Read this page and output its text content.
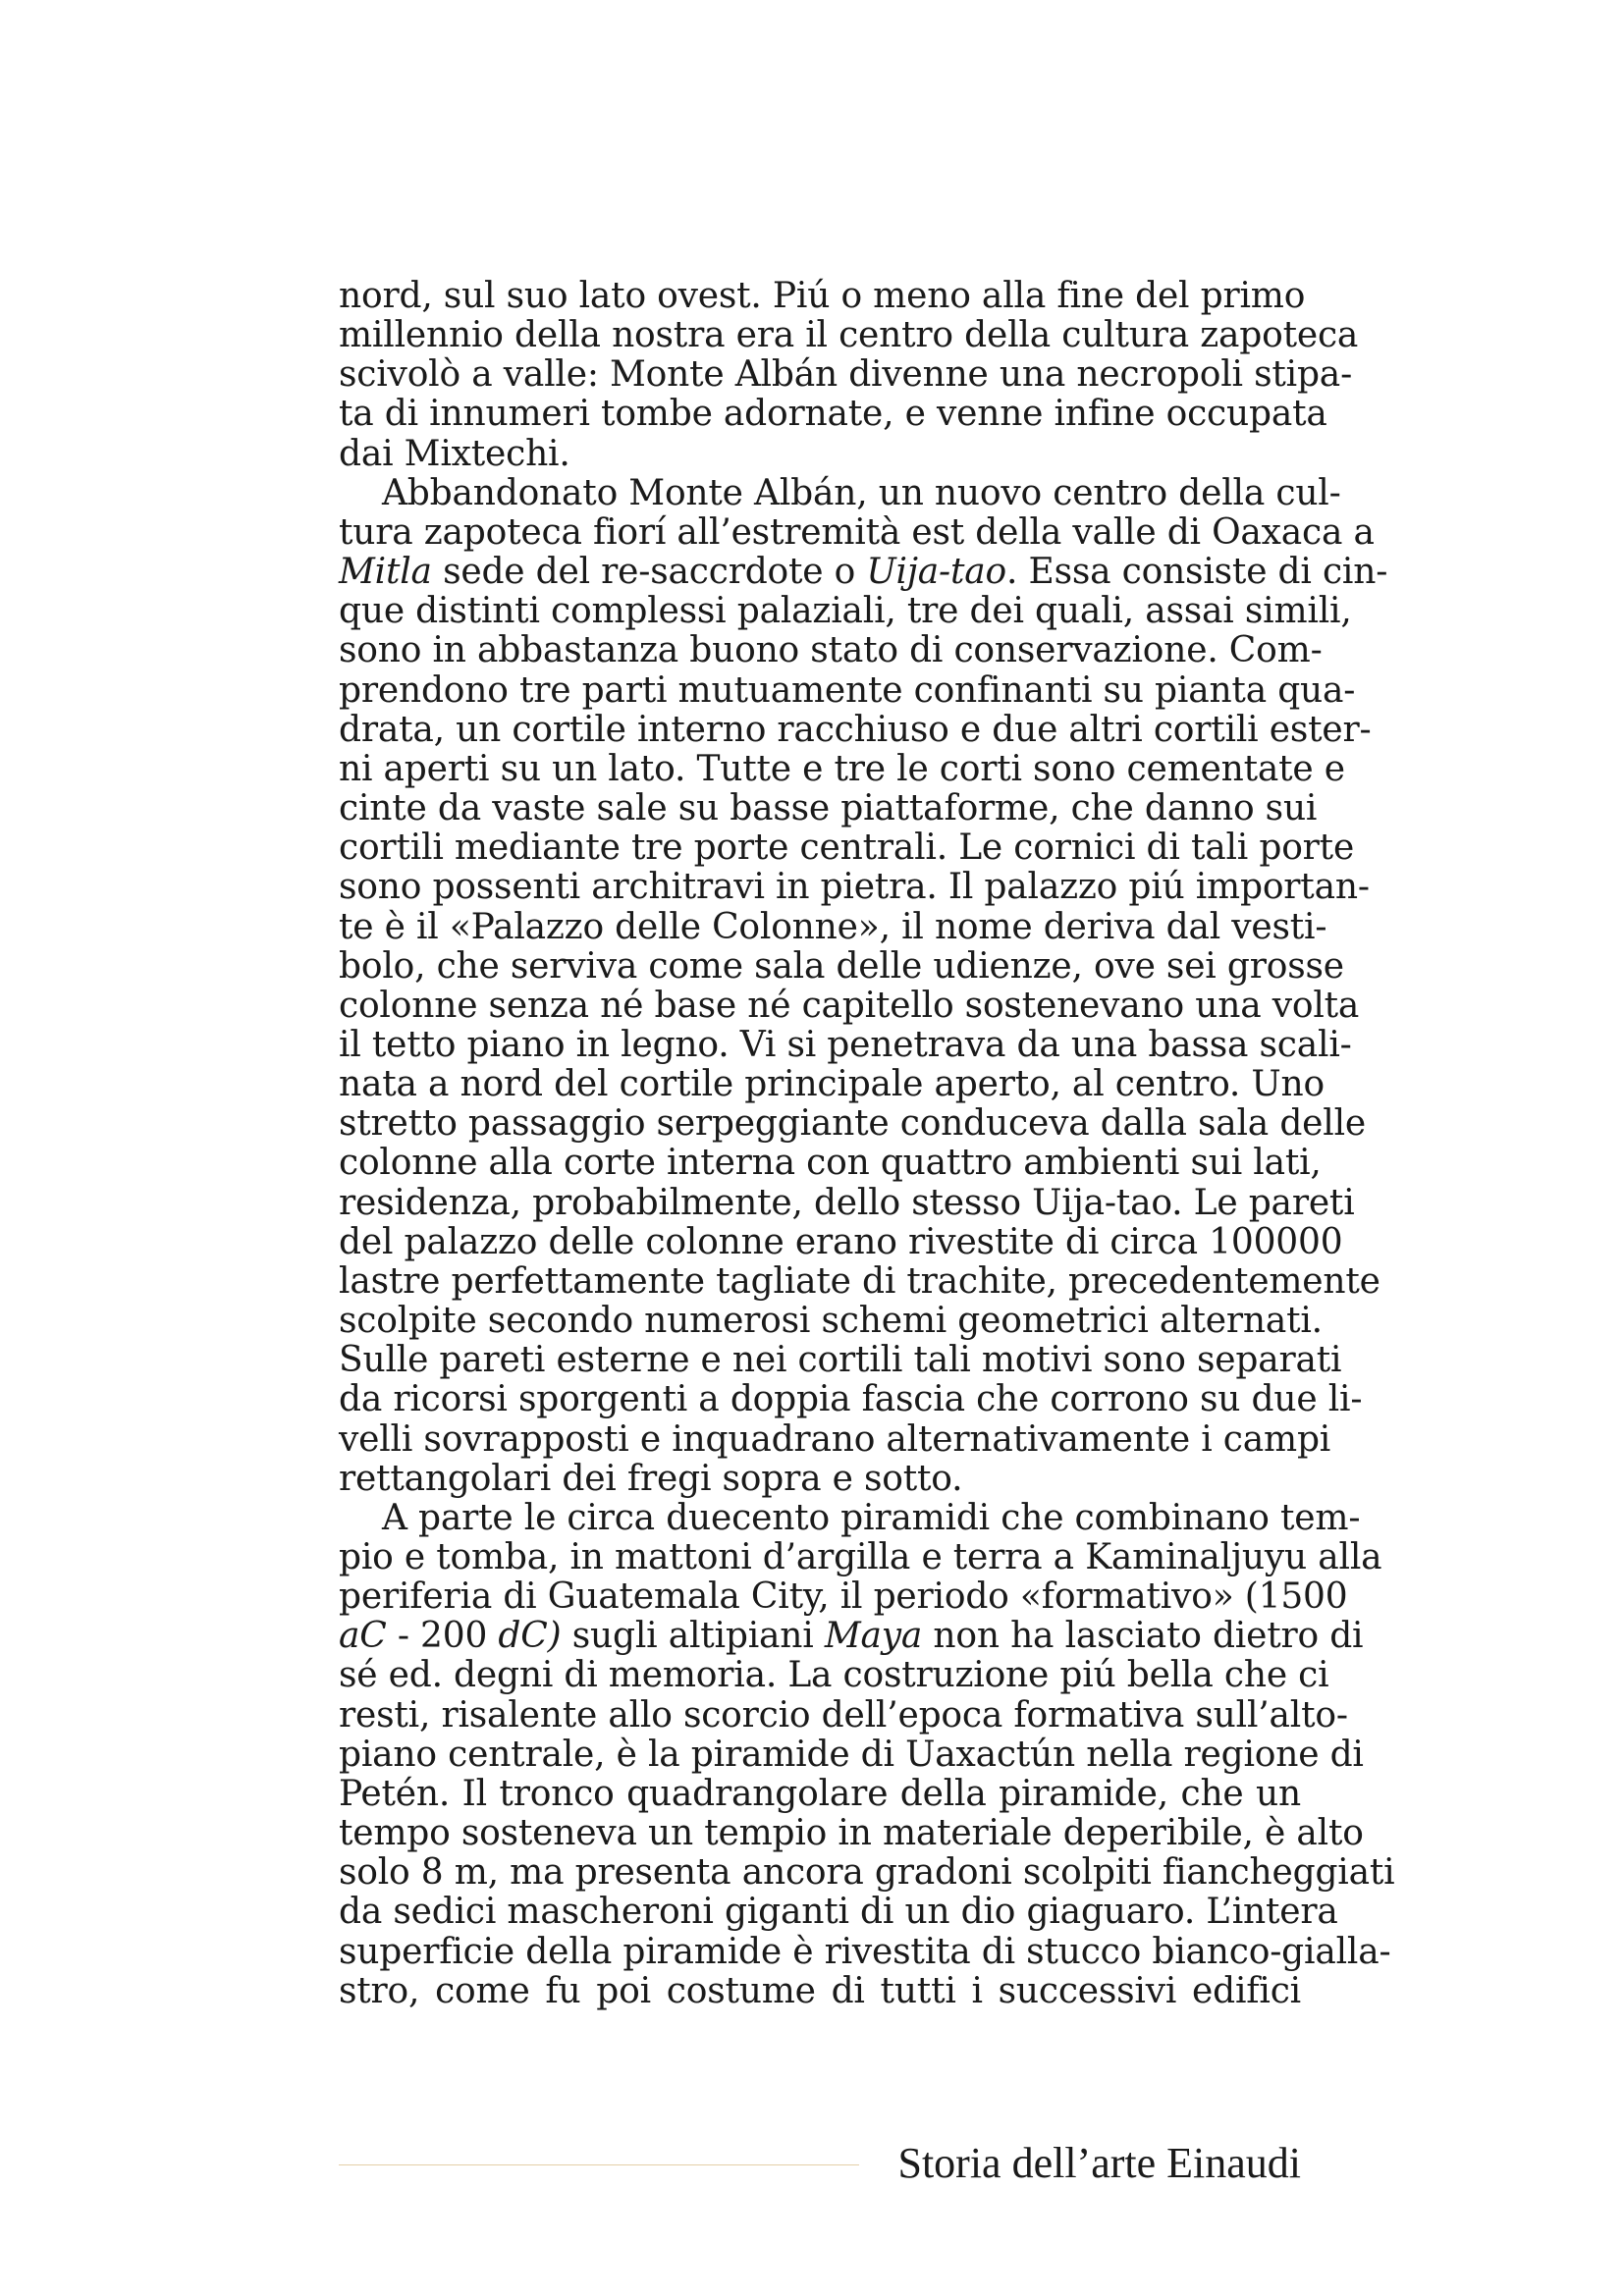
nord, sul suo lato ovest. Piú o meno alla fine del primo
millennio della nostra era il centro della cultura zapoteca
scivolò a valle: Monte Albán divenne una necropoli stipa-
ta di innumeri tombe adornate, e venne infine occupata
dai Mixtechi.
Abbandonato Monte Albán, un nuovo centro della cul-
tura zapoteca fiorí all’estremità est della valle di Oaxaca a
Mitla sede del re-saccrdote o Uija-tao. Essa consiste di cin-
que distinti complessi palaziali, tre dei quali, assai simili,
sono in abbastanza buono stato di conservazione. Com-
prendono tre parti mutuamente confinanti su pianta qua-
drata, un cortile interno racchiuso e due altri cortili ester-
ni aperti su un lato. Tutte e tre le corti sono cementate e
cinte da vaste sale su basse piattaforme, che danno sui
cortili mediante tre porte centrali. Le cornici di tali porte
sono possenti architravi in pietra. Il palazzo piú importan-
te è il «Palazzo delle Colonne», il nome deriva dal vesti-
bolo, che serviva come sala delle udienze, ove sei grosse
colonne senza né base né capitello sostenevano una volta
il tetto piano in legno. Vi si penetrava da una bassa scali-
nata a nord del cortile principale aperto, al centro. Uno
stretto passaggio serpeggiante conduceva dalla sala delle
colonne alla corte interna con quattro ambienti sui lati,
residenza, probabilmente, dello stesso Uija-tao. Le pareti
del palazzo delle colonne erano rivestite di circa 100000
lastre perfettamente tagliate di trachite, precedentemente
scolpite secondo numerosi schemi geometrici alternati.
Sulle pareti esterne e nei cortili tali motivi sono separati
da ricorsi sporgenti a doppia fascia che corrono su due li-
velli sovrapposti e inquadrano alternativamente i campi
rettangolari dei fregi sopra e sotto.
A parte le circa duecento piramidi che combinano tem-
pio e tomba, in mattoni d’argilla e terra a Kaminaljuyu alla
periferia di Guatemala City, il periodo «formativo» (1500
aC - 200 dC) sugli altipiani Maya non ha lasciato dietro di
sé ed. degni di memoria. La costruzione piú bella che ci
resti, risalente allo scorcio dell’epoca formativa sull’alto-
piano centrale, è la piramide di Uaxactún nella regione di
Petén. Il tronco quadrangolare della piramide, che un
tempo sosteneva un tempio in materiale deperibile, è alto
solo 8 m, ma presenta ancora gradoni scolpiti fiancheggiati
da sedici mascheroni giganti di un dio giaguaro. L’intera
superficie della piramide è rivestita di stucco bianco-gialla-
stro, come fu poi costume di tutti i successivi edifici
Storia dell’arte Einaudi
